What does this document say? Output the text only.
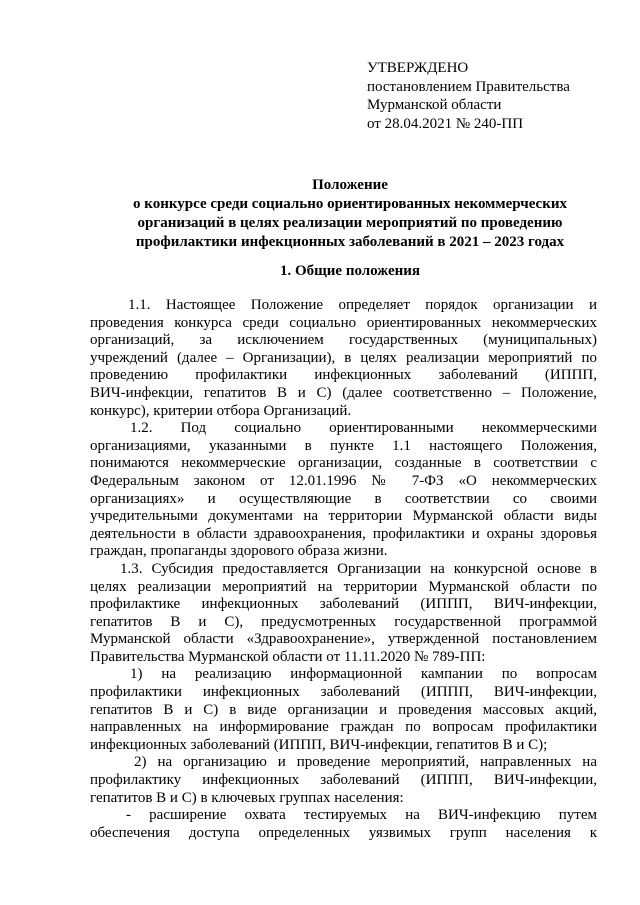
УТВЕРЖДЕНО
постановлением Правительства
Мурманской области
от 28.04.2021 № 240-ПП
Положение
о конкурсе среди социально ориентированных некоммерческих
организаций в целях реализации мероприятий по проведению
профилактики инфекционных заболеваний в 2021 – 2023 годах
1. Общие положения
1.1. Настоящее Положение определяет порядок организации и
проведения конкурса среди социально ориентированных некоммерческих
организаций, за исключением государственных (муниципальных)
учреждений (далее – Организации), в целях реализации мероприятий по
проведению профилактики инфекционных заболеваний (ИППП,
ВИЧ-инфекции, гепатитов В и С) (далее соответственно – Положение,
конкурс), критерии отбора Организаций.
1.2. Под социально ориентированными некоммерческими
организациями, указанными в пункте 1.1 настоящего Положения,
понимаются некоммерческие организации, созданные в соответствии с
Федеральным законом от 12.01.1996 № 7-ФЗ «О некоммерческих
организациях» и осуществляющие в соответствии со своими
учредительными документами на территории Мурманской области виды
деятельности в области здравоохранения, профилактики и охраны здоровья
граждан, пропаганды здорового образа жизни.
1.3. Субсидия предоставляется Организации на конкурсной основе в
целях реализации мероприятий на территории Мурманской области по
профилактике инфекционных заболеваний (ИППП, ВИЧ-инфекции,
гепатитов В и С), предусмотренных государственной программой
Мурманской области «Здравоохранение», утвержденной постановлением
Правительства Мурманской области от 11.11.2020 № 789-ПП:
1) на реализацию информационной кампании по вопросам
профилактики инфекционных заболеваний (ИППП, ВИЧ-инфекции,
гепатитов В и С) в виде организации и проведения массовых акций,
направленных на информирование граждан по вопросам профилактики
инфекционных заболеваний (ИППП, ВИЧ-инфекции, гепатитов В и С);
2) на организацию и проведение мероприятий, направленных на
профилактику инфекционных заболеваний (ИППП, ВИЧ-инфекции,
гепатитов В и С) в ключевых группах населения:
- расширение охвата тестируемых на ВИЧ-инфекцию путем
обеспечения доступа определенных уязвимых групп населения к
